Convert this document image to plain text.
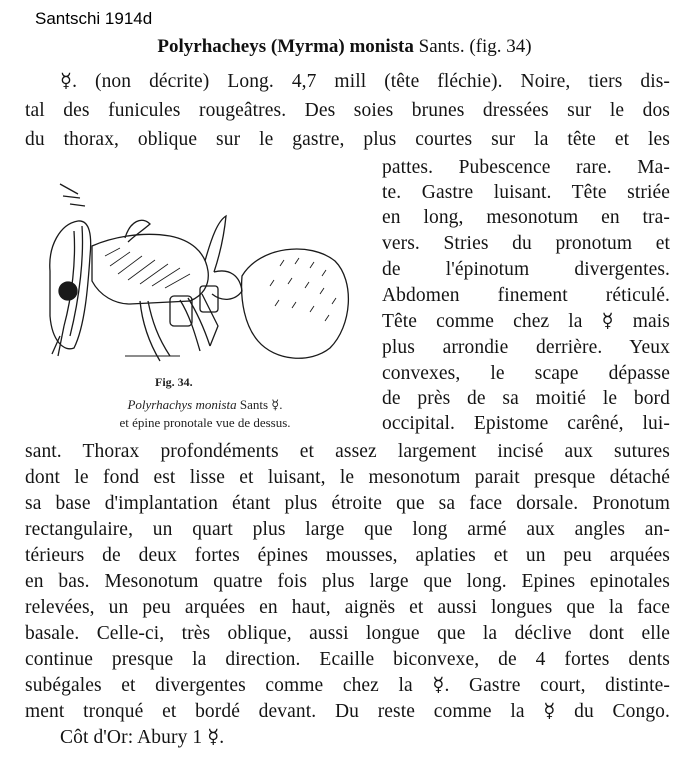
Santschi 1914d
Polyrhacheys (Myrma) monista Sants. (fig. 34)
☿. (non décrite) Long. 4,7 mill (tête fléchie). Noire, tiers dis-
tal des funicules rougeâtres. Des soies brunes dressées sur le dos
du thorax, oblique sur le gastre, plus courtes sur la tête et les
pattes. Pubescence rare. Ma-
te. Gastre luisant. Tête striée
en long, mesonotum en tra-
vers. Stries du pronotum et
de l'épinotum divergentes.
Abdomen finement réticulé.
Tête comme chez la ☿ mais
plus arrondie derrière. Yeux
convexes, le scape dépasse
de près de sa moitié le bord
occipital. Epistome carêné, lui-
sant. Thorax profondéments et assez largement incisé aux sutures
dont le fond est lisse et luisant, le mesonotum parait presque détaché
sa base d'implantation étant plus étroite que sa face dorsale. Pronotum
rectangulaire, un quart plus large que long armé aux angles an-
térieurs de deux fortes épines mousses, aplaties et un peu arquées
en bas. Mesonotum quatre fois plus large que long. Epines epinotales
relevées, un peu arquées en haut, aignës et aussi longues que la face
basale. Celle-ci, très oblique, aussi longue que la déclive dont elle
continue presque la direction. Ecaille biconvexe, de 4 fortes dents
subégales et divergentes comme chez la ☿. Gastre court, distinte-
ment tronqué et bordé devant. Du reste comme la ☿ du Congo.
Côt d'Or: Abury 1 ☿.
Fig. 34.
Polyrhachys monista Sants ☿.
et épine pronotale vue de dessus.
